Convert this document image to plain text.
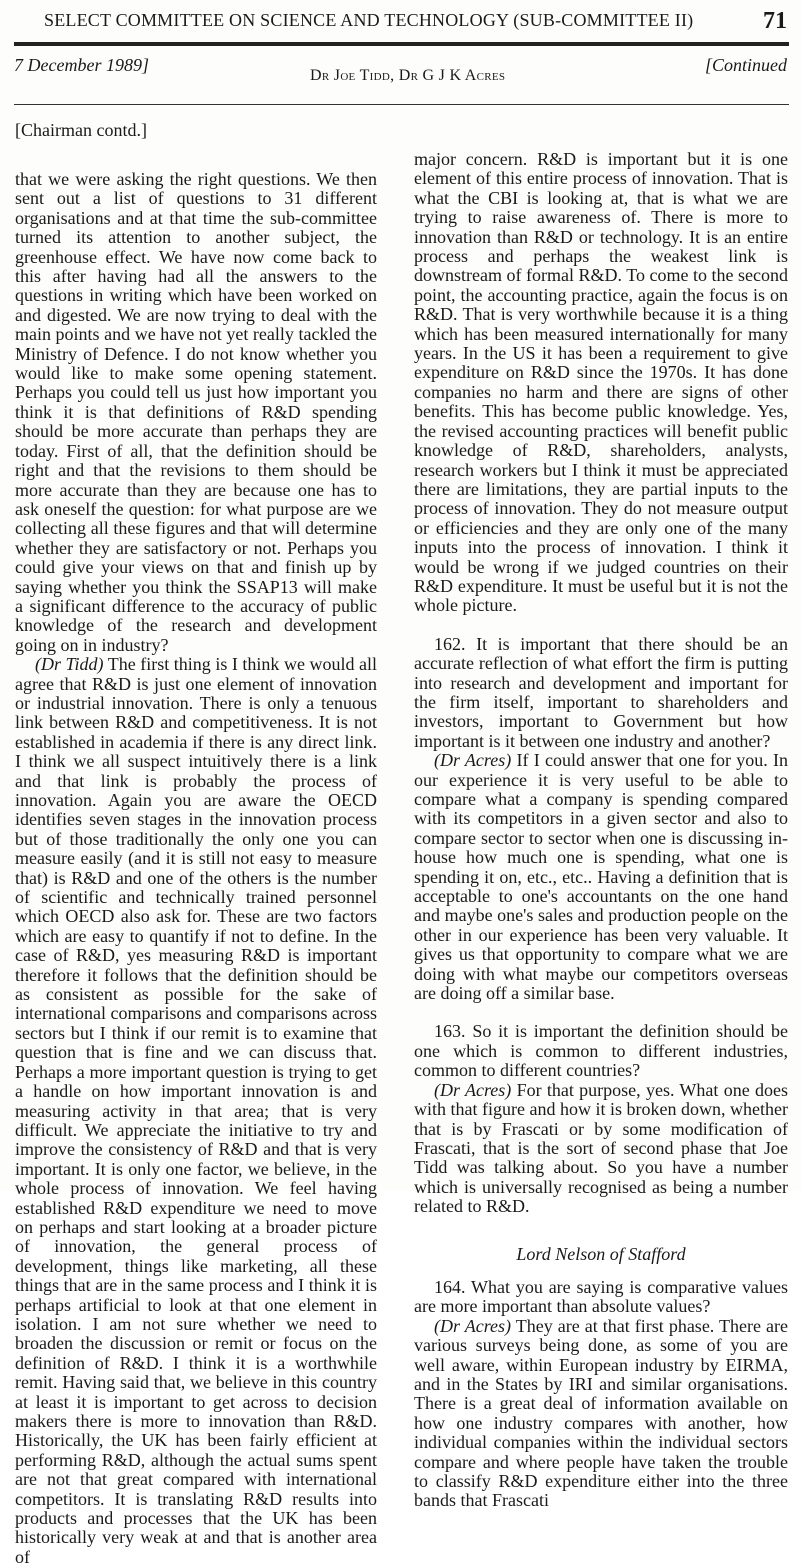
SELECT COMMITTEE ON SCIENCE AND TECHNOLOGY (SUB-COMMITTEE II)	71
7 December 1989]
Dr Joe Tidd, Dr G J K Acres
[Continued
[Chairman contd.]

that we were asking the right questions. We then sent out a list of questions to 31 different organisations and at that time the sub-committee turned its attention to another subject, the greenhouse effect. We have now come back to this after having had all the answers to the questions in writing which have been worked on and digested. We are now trying to deal with the main points and we have not yet really tackled the Ministry of Defence. I do not know whether you would like to make some opening statement. Perhaps you could tell us just how important you think it is that definitions of R&D spending should be more accurate than perhaps they are today. First of all, that the definition should be right and that the revisions to them should be more accurate than they are because one has to ask oneself the question: for what purpose are we collecting all these figures and that will determine whether they are satisfactory or not. Perhaps you could give your views on that and finish up by saying whether you think the SSAP13 will make a significant difference to the accuracy of public knowledge of the research and development going on in industry?

(Dr Tidd) The first thing is I think we would all agree that R&D is just one element of innovation or industrial innovation. There is only a tenuous link between R&D and competitiveness. It is not established in academia if there is any direct link. I think we all suspect intuitively there is a link and that link is probably the process of innovation. Again you are aware the OECD identifies seven stages in the innovation process but of those traditionally the only one you can measure easily (and it is still not easy to measure that) is R&D and one of the others is the number of scientific and technically trained personnel which OECD also ask for. These are two factors which are easy to quantify if not to define. In the case of R&D, yes measuring R&D is important therefore it follows that the definition should be as consistent as possible for the sake of international comparisons and comparisons across sectors but I think if our remit is to examine that question that is fine and we can discuss that. Perhaps a more important question is trying to get a handle on how important innovation is and measuring activity in that area; that is very difficult. We appreciate the initiative to try and improve the consistency of R&D and that is very important. It is only one factor, we believe, in the whole process of innovation. We feel having established R&D expenditure we need to move on perhaps and start looking at a broader picture of innovation, the general process of development, things like marketing, all these things that are in the same process and I think it is perhaps artificial to look at that one element in isolation. I am not sure whether we need to broaden the discussion or remit or focus on the definition of R&D. I think it is a worthwhile remit. Having said that, we believe in this country at least it is important to get across to decision makers there is more to innovation than R&D. Historically, the UK has been fairly efficient at performing R&D, although the actual sums spent are not that great compared with international competitors. It is translating R&D results into products and processes that the UK has been historically very weak at and that is another area of

major concern. R&D is important but it is one element of this entire process of innovation. That is what the CBI is looking at, that is what we are trying to raise awareness of. There is more to innovation than R&D or technology. It is an entire process and perhaps the weakest link is downstream of formal R&D. To come to the second point, the accounting practice, again the focus is on R&D. That is very worthwhile because it is a thing which has been measured internationally for many years. In the US it has been a requirement to give expenditure on R&D since the 1970s. It has done companies no harm and there are signs of other benefits. This has become public knowledge. Yes, the revised accounting practices will benefit public knowledge of R&D, shareholders, analysts, research workers but I think it must be appreciated there are limitations, they are partial inputs to the process of innovation. They do not measure output or efficiencies and they are only one of the many inputs into the process of innovation. I think it would be wrong if we judged countries on their R&D expenditure. It must be useful but it is not the whole picture.

162. It is important that there should be an accurate reflection of what effort the firm is putting into research and development and important for the firm itself, important to shareholders and investors, important to Government but how important is it between one industry and another?

(Dr Acres) If I could answer that one for you. In our experience it is very useful to be able to compare what a company is spending compared with its competitors in a given sector and also to compare sector to sector when one is discussing in-house how much one is spending, what one is spending it on, etc., etc.. Having a definition that is acceptable to one's accountants on the one hand and maybe one's sales and production people on the other in our experience has been very valuable. It gives us that opportunity to compare what we are doing with what maybe our competitors overseas are doing off a similar base.

163. So it is important the definition should be one which is common to different industries, common to different countries?

(Dr Acres) For that purpose, yes. What one does with that figure and how it is broken down, whether that is by Frascati or by some modification of Frascati, that is the sort of second phase that Joe Tidd was talking about. So you have a number which is universally recognised as being a number related to R&D.

Lord Nelson of Stafford

164. What you are saying is comparative values are more important than absolute values?

(Dr Acres) They are at that first phase. There are various surveys being done, as some of you are well aware, within European industry by EIRMA, and in the States by IRI and similar organisations. There is a great deal of information available on how one industry compares with another, how individual companies within the individual sectors compare and where people have taken the trouble to classify R&D expenditure either into the three bands that Frascati
